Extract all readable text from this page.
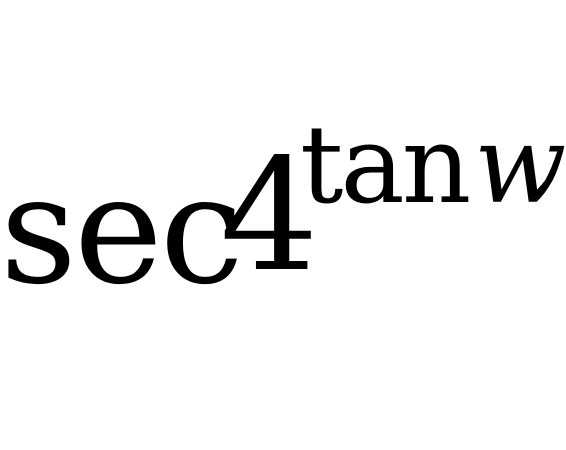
sec
4
tan w
